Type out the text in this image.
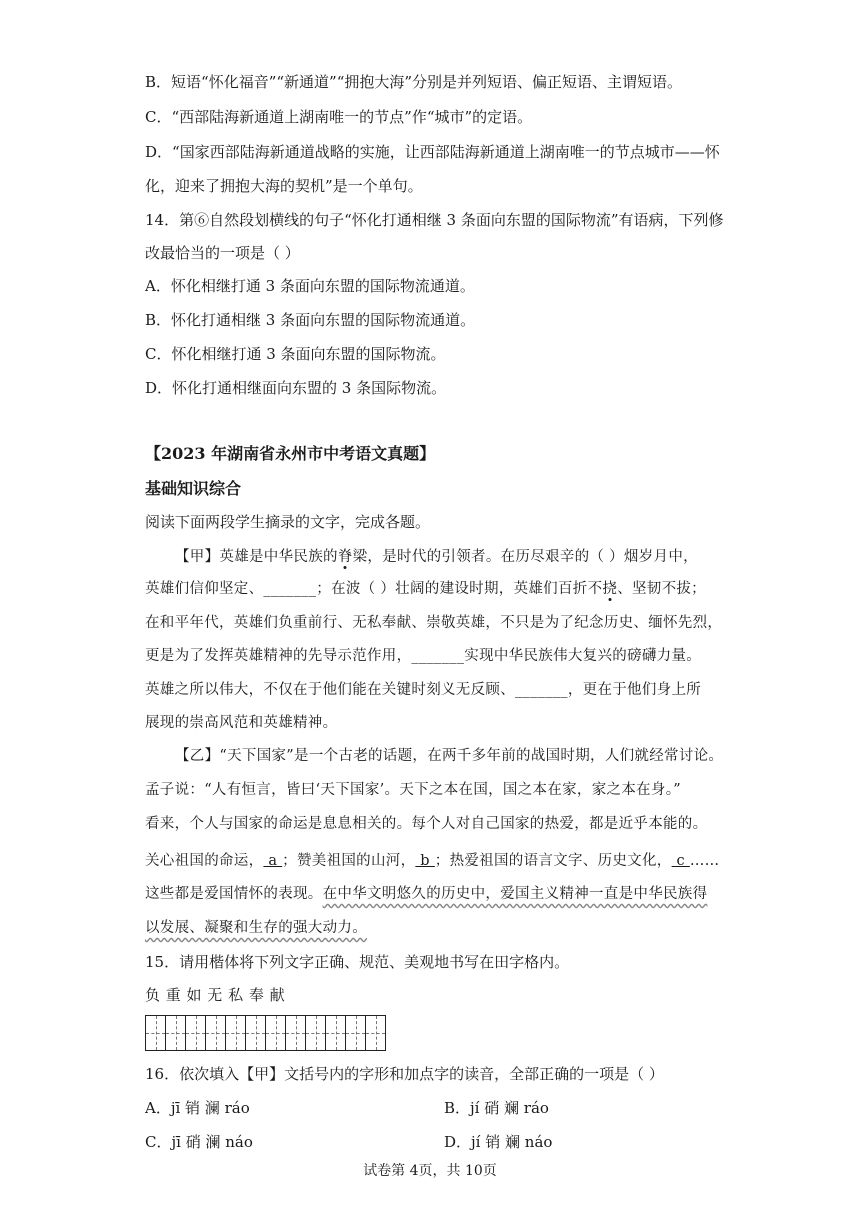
B．短语“怀化福音”“新通道”“拥抱大海”分别是并列短语、偏正短语、主谓短语。
C．“西部陆海新通道上湖南唯一的节点”作“城市”的定语。
D．“国家西部陆海新通道战略的实施，让西部陆海新通道上湖南唯一的节点城市——怀
化，迎来了拥抱大海的契机”是一个单句。
14．第⑥自然段划横线的句子“怀化打通相继 3 条面向东盟的国际物流”有语病，下列修
改最恰当的一项是（ ）
A．怀化相继打通 3 条面向东盟的国际物流通道。
B．怀化打通相继 3 条面向东盟的国际物流通道。
C．怀化相继打通 3 条面向东盟的国际物流。
D．怀化打通相继面向东盟的 3 条国际物流。
【2023 年湖南省永州市中考语文真题】
基础知识综合
阅读下面两段学生摘录的文字，完成各题。
【甲】英雄是中华民族的脊梁，是时代的引领者。在历尽艰辛的（ ）烟岁月中，
英雄们信仰坚定、_______；在波（ ）壮阔的建设时期，英雄们百折不挠、坚韧不拔；
在和平年代，英雄们负重前行、无私奉献、崇敬英雄，不只是为了纪念历史、缅怀先烈，
更是为了发挥英雄精神的先导示范作用，_______实现中华民族伟大复兴的磅礴力量。
英雄之所以伟大，不仅在于他们能在关键时刻义无反顾、_______，更在于他们身上所
展现的崇高风范和英雄精神。
【乙】“天下国家”是一个古老的话题，在两千多年前的战国时期，人们就经常讨论。
孟子说：“人有恒言，皆曰‘天下国家’。天下之本在国，国之本在家，家之本在身。”
看来，个人与国家的命运是息息相关的。每个人对自己国家的热爱，都是近乎本能的。
关心祖国的命运， a ；赞美祖国的山河， b ；热爱祖国的语言文字、历史文化， c ……
这些都是爱国情怀的表现。在中华文明悠久的历史中，爱国主义精神一直是中华民族得
以发展、凝聚和生存的强大动力。
15．请用楷体将下列文字正确、规范、美观地书写在田字格内。
负 重 如 无 私 奉 献
16．依次填入【甲】文括号内的字形和加点字的读音，全部正确的一项是（ ）
A．jī 销 澜 ráo	B．jí 硝 斓 ráo
C．jī 硝 澜 náo	D．jí 销 斓 náo
试卷第 4页，共 10页
